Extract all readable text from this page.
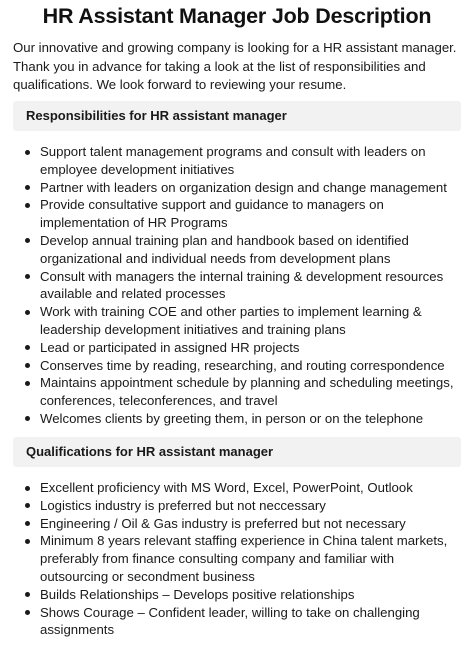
HR Assistant Manager Job Description
Our innovative and growing company is looking for a HR assistant manager. Thank you in advance for taking a look at the list of responsibilities and qualifications. We look forward to reviewing your resume.
Responsibilities for HR assistant manager
Support talent management programs and consult with leaders on employee development initiatives
Partner with leaders on organization design and change management
Provide consultative support and guidance to managers on implementation of HR Programs
Develop annual training plan and handbook based on identified organizational and individual needs from development plans
Consult with managers the internal training & development resources available and related processes
Work with training COE and other parties to implement learning & leadership development initiatives and training plans
Lead or participated in assigned HR projects
Conserves time by reading, researching, and routing correspondence
Maintains appointment schedule by planning and scheduling meetings, conferences, teleconferences, and travel
Welcomes clients by greeting them, in person or on the telephone
Qualifications for HR assistant manager
Excellent proficiency with MS Word, Excel, PowerPoint, Outlook
Logistics industry is preferred but not neccessary
Engineering / Oil & Gas industry is preferred but not necessary
Minimum 8 years relevant staffing experience in China talent markets, preferably from finance consulting company and familiar with outsourcing or secondment business
Builds Relationships – Develops positive relationships
Shows Courage – Confident leader, willing to take on challenging assignments
